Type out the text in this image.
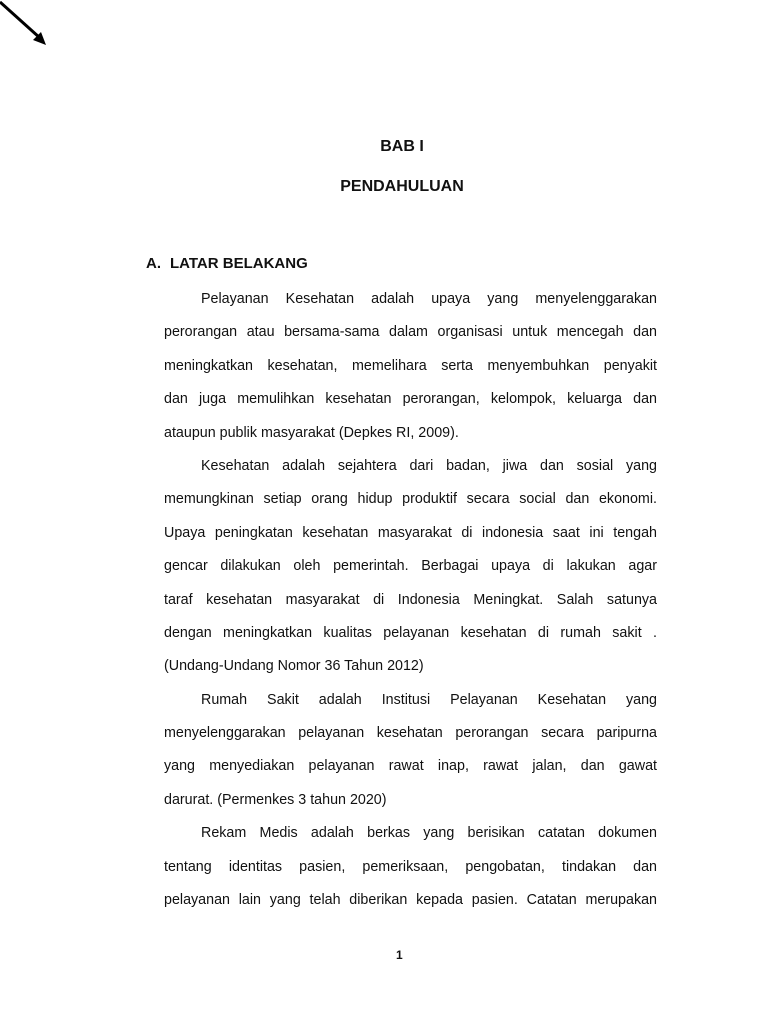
BAB I
PENDAHULUAN
A. LATAR BELAKANG
Pelayanan Kesehatan adalah upaya yang menyelenggarakan
perorangan atau bersama-sama dalam organisasi untuk mencegah dan
meningkatkan kesehatan, memelihara serta menyembuhkan penyakit
dan juga memulihkan kesehatan perorangan, kelompok, keluarga dan
ataupun publik masyarakat (Depkes RI, 2009).
Kesehatan adalah sejahtera dari badan, jiwa dan sosial yang
memungkinan setiap orang hidup produktif secara social dan ekonomi.
Upaya peningkatan kesehatan masyarakat di indonesia saat ini tengah
gencar dilakukan oleh pemerintah. Berbagai upaya di lakukan agar
taraf kesehatan masyarakat di Indonesia Meningkat. Salah satunya
dengan meningkatkan kualitas pelayanan kesehatan di rumah sakit .
(Undang-Undang Nomor 36 Tahun 2012)
Rumah Sakit adalah Institusi Pelayanan Kesehatan yang
menyelenggarakan pelayanan kesehatan perorangan secara paripurna
yang menyediakan pelayanan rawat inap, rawat jalan, dan gawat
darurat. (Permenkes 3 tahun 2020)
Rekam Medis adalah berkas yang berisikan catatan dokumen
tentang identitas pasien, pemeriksaan, pengobatan, tindakan dan
pelayanan lain yang telah diberikan kepada pasien. Catatan merupakan
1
